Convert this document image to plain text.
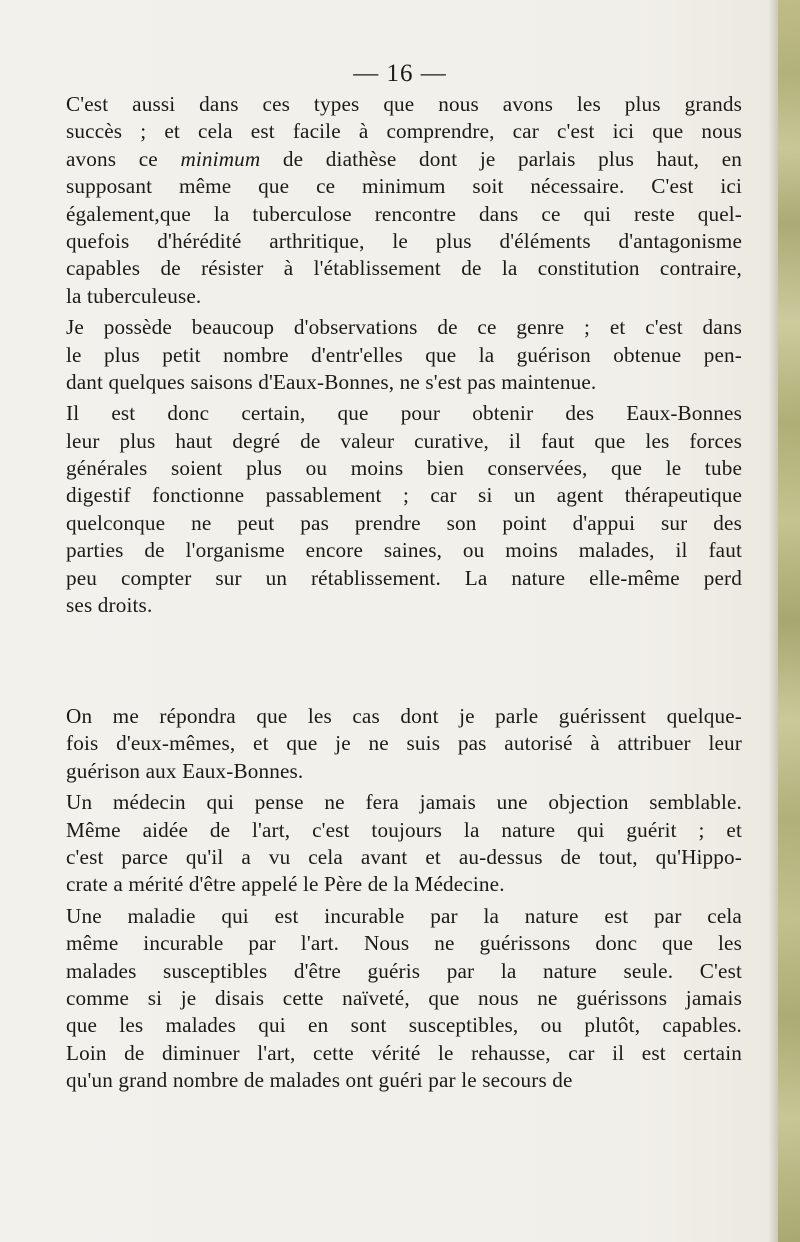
— 16 —

C'est aussi dans ces types que nous avons les plus grands
succès ; et cela est facile à comprendre, car c'est ici que nous
avons ce minimum de diathèse dont je parlais plus haut, en
supposant même que ce minimum soit nécessaire. C'est ici
également,que la tuberculose rencontre dans ce qui reste quel-
quefois d'hérédité arthritique, le plus d'éléments d'antagonisme
capables de résister à l'établissement de la constitution contraire,
la tuberculeuse.

Je possède beaucoup d'observations de ce genre ; et c'est dans
le plus petit nombre d'entr'elles que la guérison obtenue pen-
dant quelques saisons d'Eaux-Bonnes, ne s'est pas maintenue.

Il est donc certain, que pour obtenir des Eaux-Bonnes
leur plus haut degré de valeur curative, il faut que les forces
générales soient plus ou moins bien conservées, que le tube
digestif fonctionne passablement ; car si un agent thérapeutique
quelconque ne peut pas prendre son point d'appui sur des
parties de l'organisme encore saines, ou moins malades, il faut
peu compter sur un rétablissement. La nature elle-même perd
ses droits.

On me répondra que les cas dont je parle guérissent quelque-
fois d'eux-mêmes, et que je ne suis pas autorisé à attribuer leur
guérison aux Eaux-Bonnes.

Un médecin qui pense ne fera jamais une objection semblable.
Même aidée de l'art, c'est toujours la nature qui guérit ; et
c'est parce qu'il a vu cela avant et au-dessus de tout, qu'Hippo-
crate a mérité d'être appelé le Père de la Médecine.

Une maladie qui est incurable par la nature est par cela
même incurable par l'art. Nous ne guérissons donc que les
malades susceptibles d'être guéris par la nature seule. C'est
comme si je disais cette naïveté, que nous ne guérissons jamais
que les malades qui en sont susceptibles, ou plutôt, capables.
Loin de diminuer l'art, cette vérité le rehausse, car il est certain
qu'un grand nombre de malades ont guéri par le secours de
